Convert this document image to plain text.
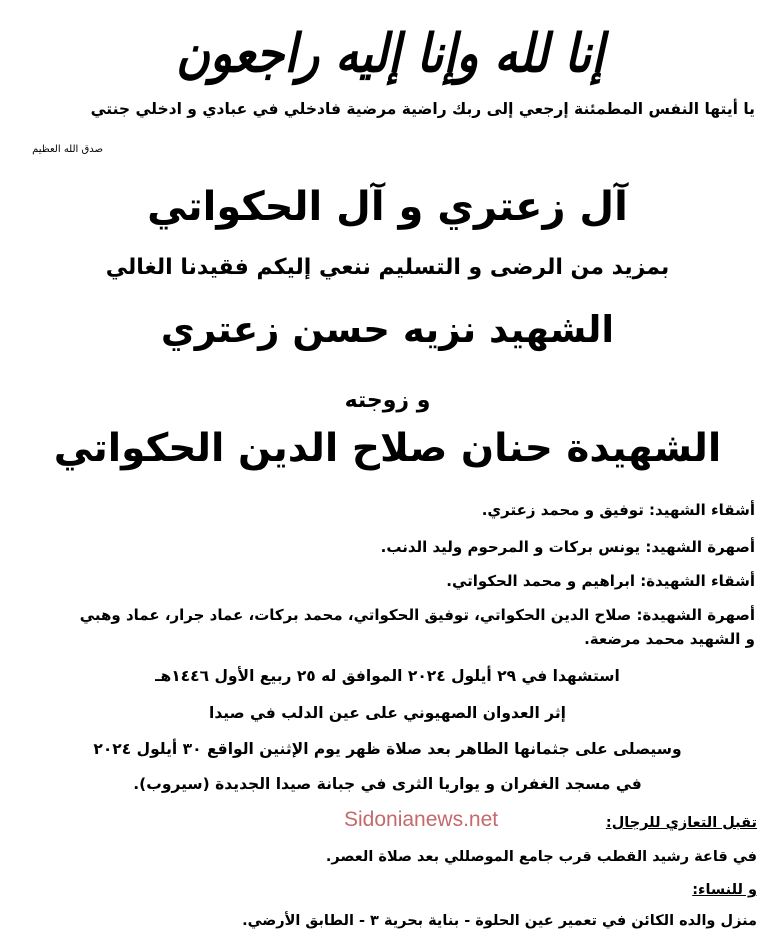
إنا لله وإنا إليه راجعون
يا أيتها النفس المطمئنة إرجعي إلى ربك راضية مرضية فادخلي في عبادي و ادخلي جنتي
صدق الله العظيم
آل زعتري و آل الحكواتي
بمزيد من الرضى و التسليم ننعي إليكم فقيدنا الغالي
الشهيد نزيه حسن زعتري
و زوجته
الشهيدة حنان صلاح الدين الحكواتي
أشقاء الشهيد: توفيق و محمد زعتري.
أصهرة الشهيد: يونس بركات و المرحوم وليد الدنب.
أشقاء الشهيدة: ابراهيم و محمد الحكواتي.
أصهرة الشهيدة: صلاح الدين الحكواتي، توفيق الحكواتي، محمد بركات، عماد جرار، عماد وهبي
و الشهيد محمد مرضعة.
استشهدا في ٢٩ أيلول ٢٠٢٤ الموافق له ٢٥ ربيع الأول ١٤٤٦هـ
إثر العدوان الصهيوني على عين الدلب في صيدا
وسيصلى على جثمانها الطاهر بعد صلاة ظهر يوم الإثنين الواقع ٣٠ أيلول ٢٠٢٤
في مسجد الغفران و يواريا الثرى في جبانة صيدا الجديدة (سيروب).
Sidonianews.net	تقبل التعازي للرجال:
في قاعة رشيد القطب قرب جامع الموصللي بعد صلاة العصر.
و للنساء:
منزل والده الكائن في تعمير عين الحلوة - بناية بحرية ٣ - الطابق الأرضي.
